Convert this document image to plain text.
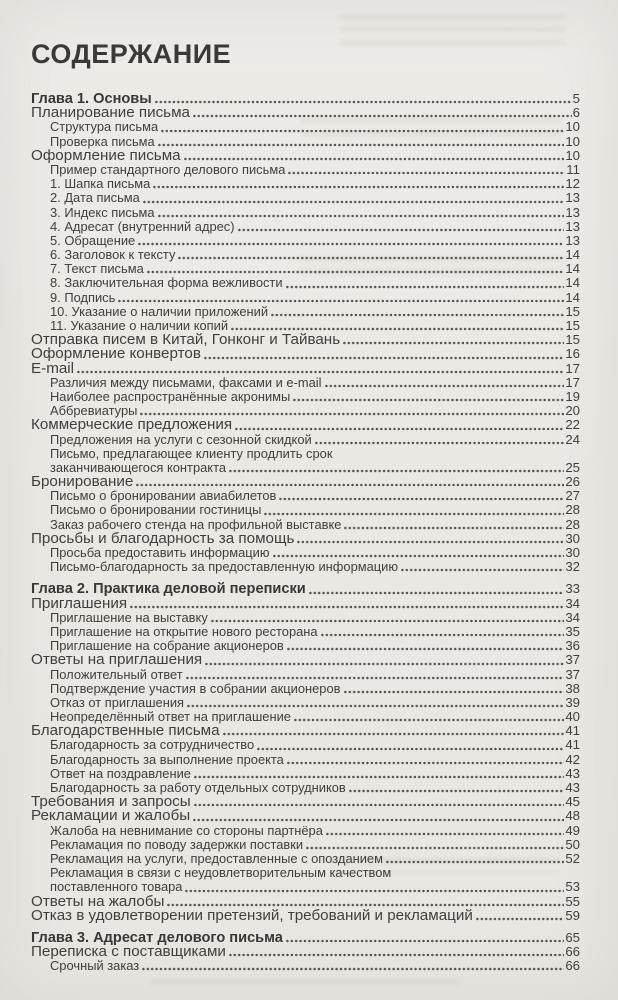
СОДЕРЖАНИЕ
Глава 1. Основы	5
Планирование письма	6
Структура письма	10
Проверка письма	10
Оформление письма	10
Пример стандартного делового письма	11
1. Шапка письма	12
2. Дата письма	13
3. Индекс письма	13
4. Адресат (внутренний адрес)	13
5. Обращение	13
6. Заголовок к тексту	14
7. Текст письма	14
8. Заключительная форма вежливости	14
9. Подпись	14
10. Указание о наличии приложений	15
11. Указание о наличии копий	15
Отправка писем в Китай, Гонконг и Тайвань	15
Оформление конвертов	16
E-mail	17
Различия между письмами, факсами и e-mail	17
Наиболее распространённые акронимы	19
Аббревиатуры	20
Коммерческие предложения	22
Предложения на услуги с сезонной скидкой	24
Письмо, предлагающее клиенту продлить срок
заканчивающегося контракта	25
Бронирование	26
Письмо о бронировании авиабилетов	27
Письмо о бронировании гостиницы	28
Заказ рабочего стенда на профильной выставке	28
Просьбы и благодарность за помощь	30
Просьба предоставить информацию	30
Письмо-благодарность за предоставленную информацию	32
Глава 2. Практика деловой переписки	33
Приглашения	34
Приглашение на выставку	34
Приглашение на открытие нового ресторана	35
Приглашение на собрание акционеров	36
Ответы на приглашения	37
Положительный ответ	37
Подтверждение участия в собрании акционеров	38
Отказ от приглашения	39
Неопределённый ответ на приглашение	40
Благодарственные письма	41
Благодарность за сотрудничество	41
Благодарность за выполнение проекта	42
Ответ на поздравление	43
Благодарность за работу отдельных сотрудников	43
Требования и запросы	45
Рекламации и жалобы	48
Жалоба на невнимание со стороны партнёра	49
Рекламация по поводу задержки поставки	50
Рекламация на услуги, предоставленные с опозданием	52
Рекламация в связи с неудовлетворительным качеством
поставленного товара	53
Ответы на жалобы	55
Отказ в удовлетворении претензий, требований и рекламаций	59
Глава 3. Адресат делового письма	65
Переписка с поставщиками	66
Срочный заказ	66
